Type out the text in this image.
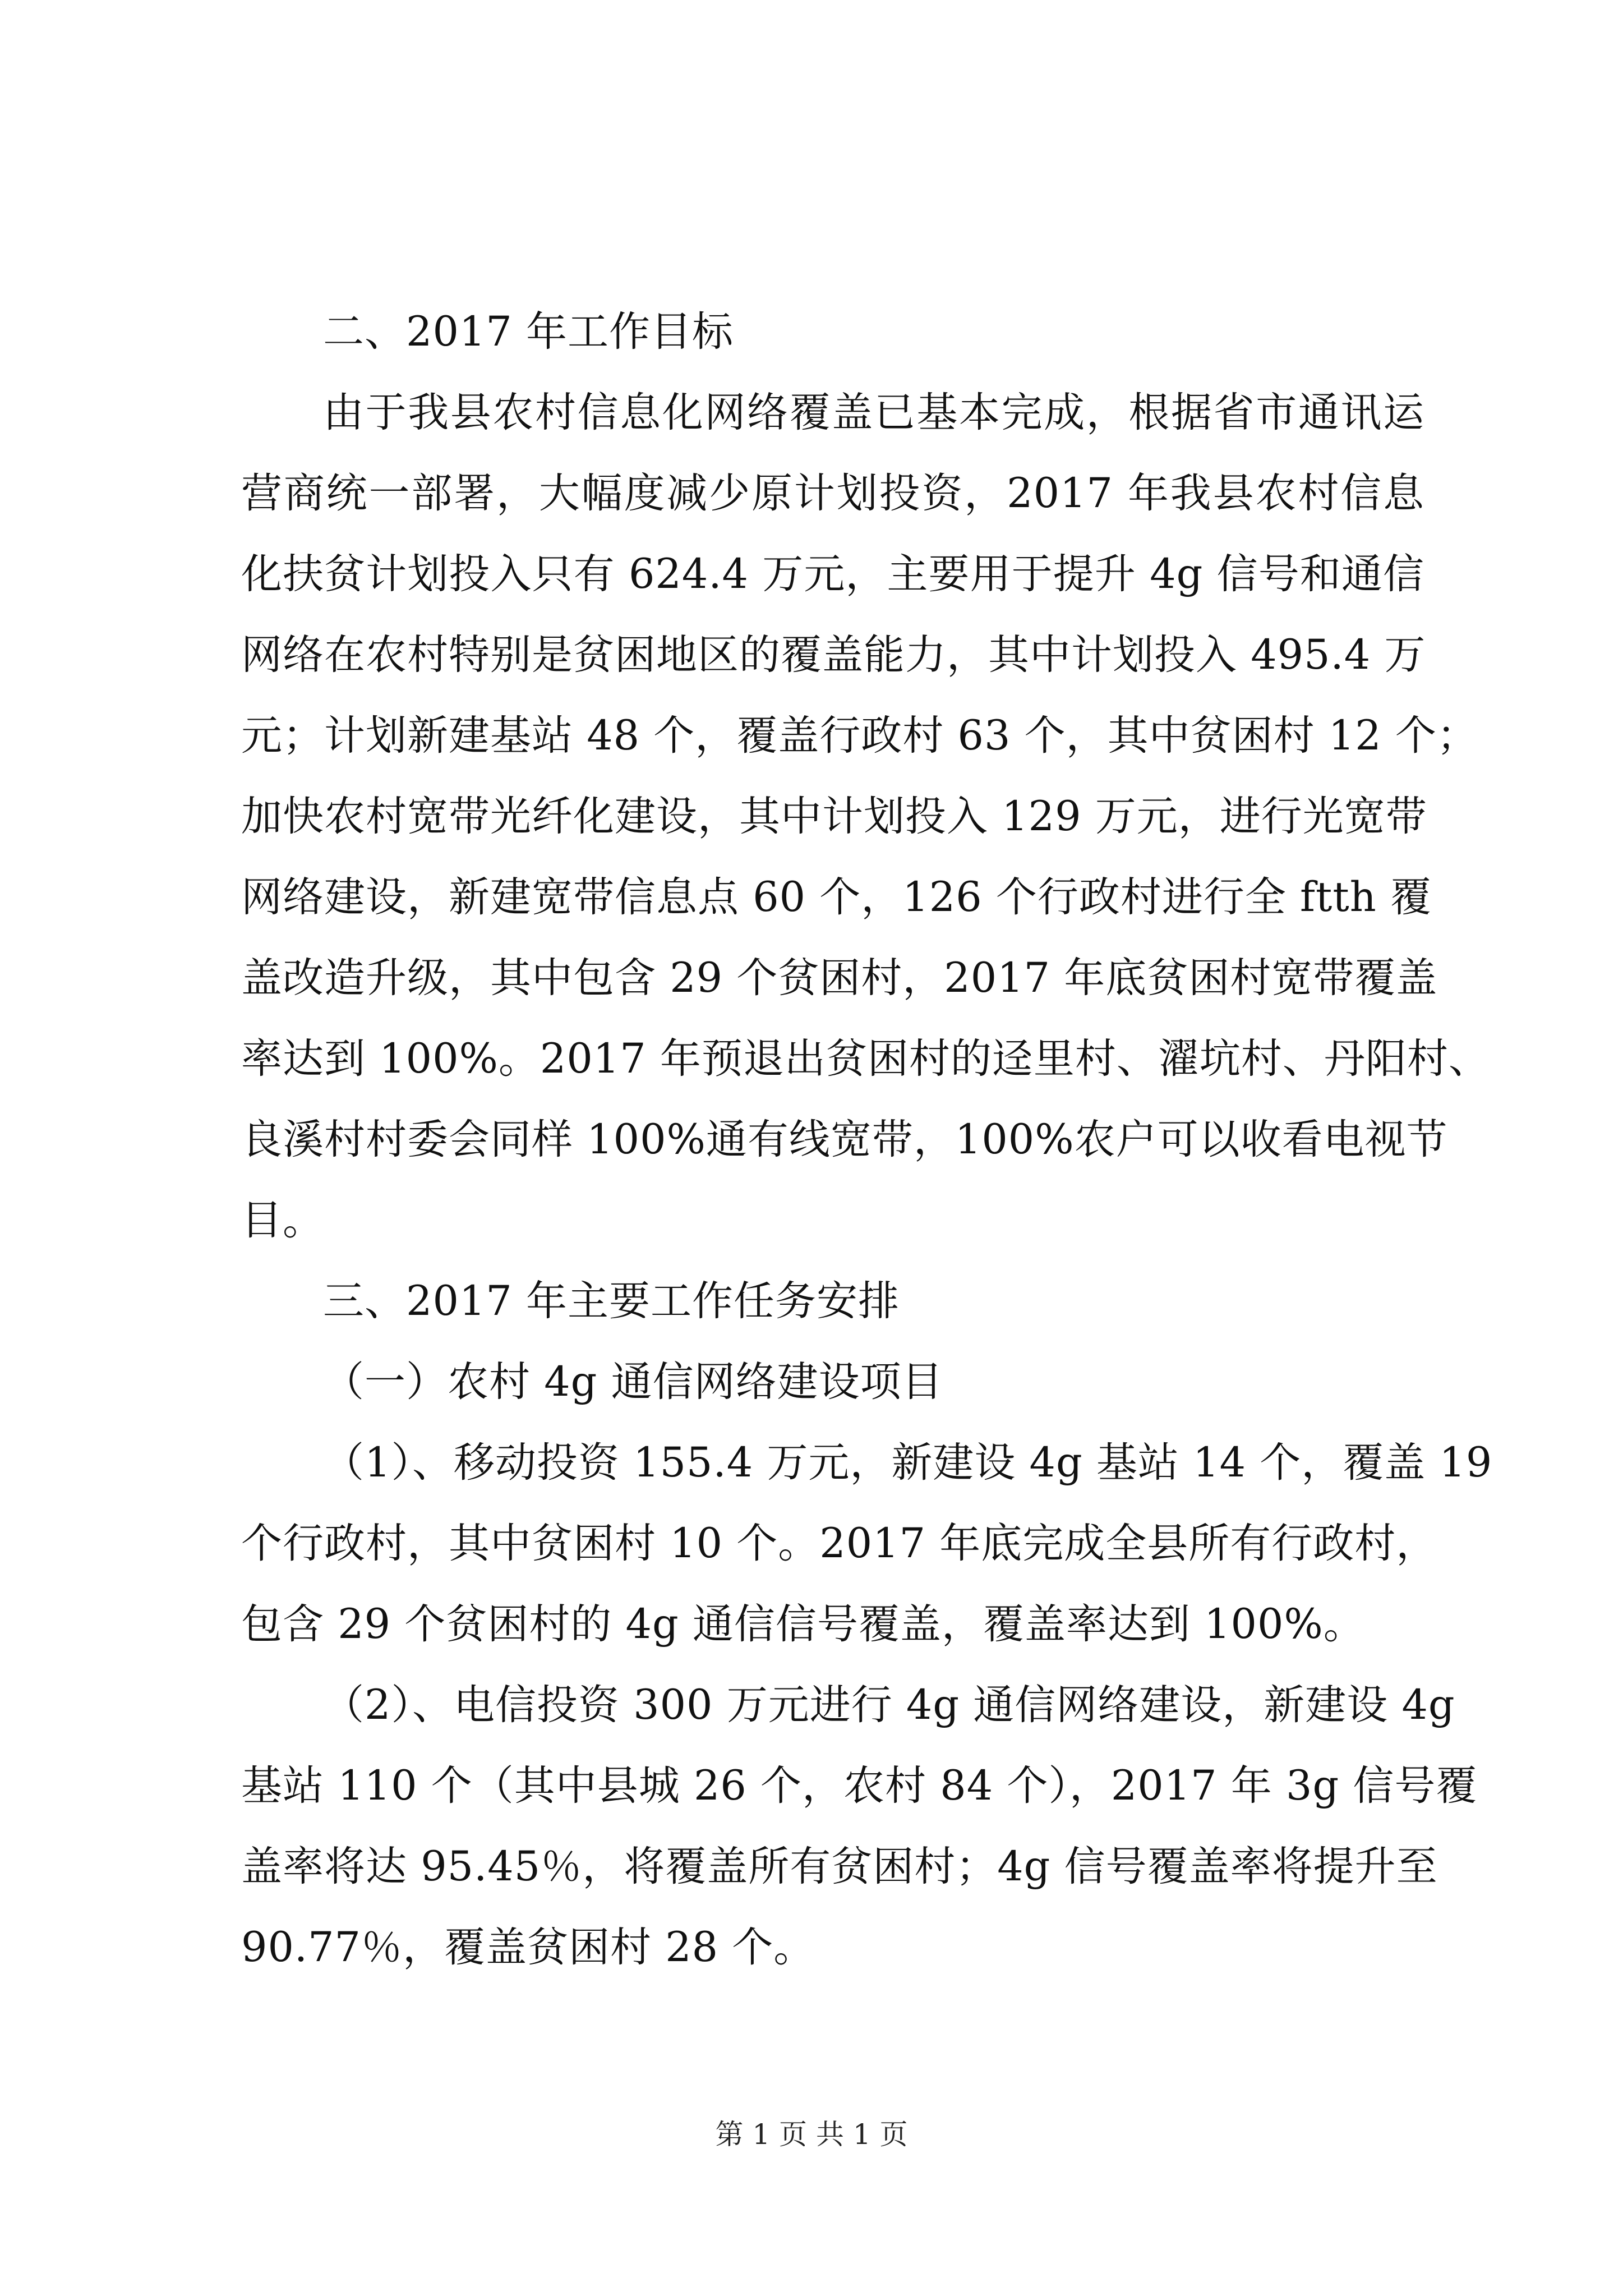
二、2017 年工作目标
由于我县农村信息化网络覆盖已基本完成，根据省市通讯运
营商统一部署，大幅度减少原计划投资，2017 年我县农村信息
化扶贫计划投入只有 624.4 万元，主要用于提升 4g 信号和通信
网络在农村特别是贫困地区的覆盖能力，其中计划投入 495.4 万
元；计划新建基站 48 个，覆盖行政村 63 个，其中贫困村 12 个；
加快农村宽带光纤化建设，其中计划投入 129 万元，进行光宽带
网络建设，新建宽带信息点 60 个，126 个行政村进行全 ftth 覆
盖改造升级，其中包含 29 个贫困村，2017 年底贫困村宽带覆盖
率达到 100%。2017 年预退出贫困村的迳里村、濯坑村、丹阳村、
良溪村村委会同样 100%通有线宽带，100%农户可以收看电视节
目。
三、2017 年主要工作任务安排
（一）农村 4g 通信网络建设项目
（1）、移动投资 155.4 万元，新建设 4g 基站 14 个，覆盖 19
个行政村，其中贫困村 10 个。2017 年底完成全县所有行政村，
包含 29 个贫困村的 4g 通信信号覆盖，覆盖率达到 100%。
（2）、电信投资 300 万元进行 4g 通信网络建设，新建设 4g
基站 110 个（其中县城 26 个，农村 84 个），2017 年 3g 信号覆
盖率将达 95.45％，将覆盖所有贫困村；4g 信号覆盖率将提升至
90.77％，覆盖贫困村 28 个。
第 1 页 共 1 页
